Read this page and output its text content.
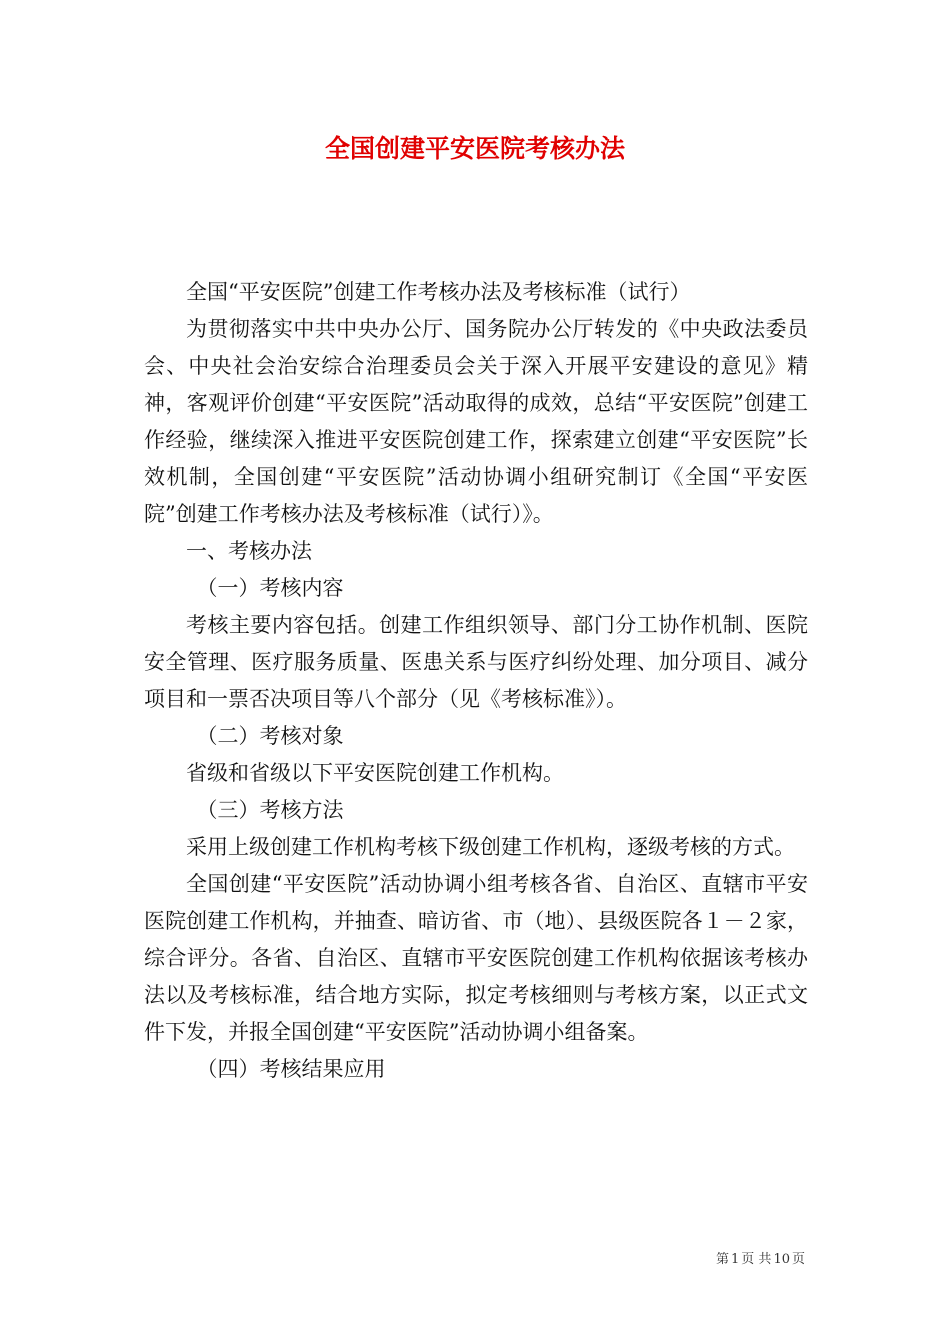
全国创建平安医院考核办法

全国“平安医院”创建工作考核办法及考核标准（试行）

为贯彻落实中共中央办公厅、国务院办公厅转发的《中央政法委员会、中央社会治安综合治理委员会关于深入开展平安建设的意见》精神，客观评价创建“平安医院”活动取得的成效，总结“平安医院”创建工作经验，继续深入推进平安医院创建工作，探索建立创建“平安医院”长效机制，全国创建“平安医院”活动协调小组研究制订《全国“平安医院”创建工作考核办法及考核标准（试行）》。

一、考核办法

（一）考核内容

考核主要内容包括。创建工作组织领导、部门分工协作机制、医院安全管理、医疗服务质量、医患关系与医疗纠纷处理、加分项目、减分项目和一票否决项目等八个部分（见《考核标准》）。

（二）考核对象

省级和省级以下平安医院创建工作机构。

（三）考核方法

采用上级创建工作机构考核下级创建工作机构，逐级考核的方式。

全国创建“平安医院”活动协调小组考核各省、自治区、直辖市平安医院创建工作机构，并抽查、暗访省、市（地）、县级医院各１－２家，综合评分。各省、自治区、直辖市平安医院创建工作机构依据该考核办法以及考核标准，结合地方实际，拟定考核细则与考核方案，以正式文件下发，并报全国创建“平安医院”活动协调小组备案。

（四）考核结果应用

第 1 页 共 10 页
